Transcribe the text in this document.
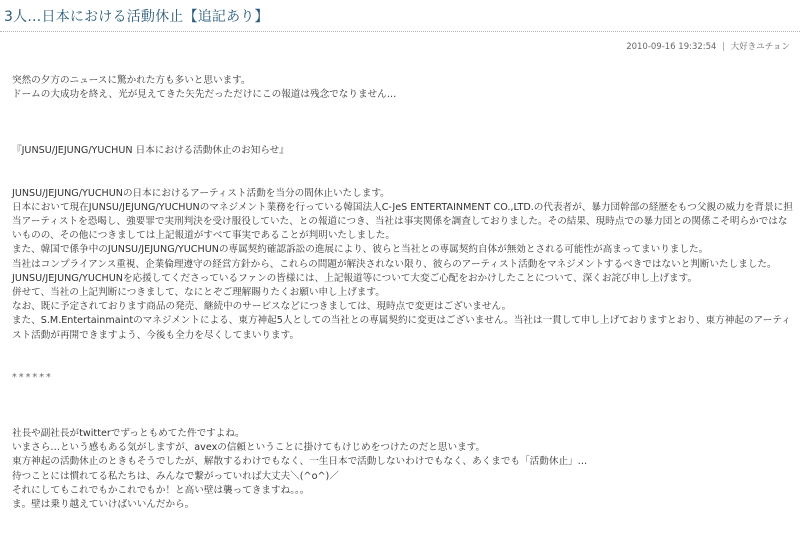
3人…日本における活動休止【追記あり】
2010-09-16 19:32:54 | 大好きユチョン

突然の夕方のニュースに驚かれた方も多いと思います。

ドームの大成功を終え、光が見えてきた矢先だっただけにこの報道は残念でなりません…

『JUNSU/JEJUNG/YUCHUN 日本における活動休止のお知らせ』

JUNSU/JEJUNG/YUCHUNの日本におけるアーティスト活動を当分の間休止いたします。

日本において現在JUNSU/JEJUNG/YUCHUNのマネジメント業務を行っている韓国法人C-JeS ENTERTAINMENT CO.,LTD.の代表者が、暴力団幹部の経歴をもつ父親の威力を背景に担当アーティストを恐喝し、強要罪で実刑判決を受け服役していた、との報道につき、当社は事実関係を調査しておりました。その結果、現時点での暴力団との関係こそ明らかではないものの、その他につきましては上記報道がすべて事実であることが判明いたしました。

また、韓国で係争中のJUNSU/JEJUNG/YUCHUNの専属契約確認訴訟の進展により、彼らと当社との専属契約自体が無効とされる可能性が高まってまいりました。

当社はコンプライアンス重視、企業倫理遵守の経営方針から、これらの問題が解決されない限り、彼らのアーティスト活動をマネジメントするべきではないと判断いたしました。

JUNSU/JEJUNG/YUCHUNを応援してくださっているファンの皆様には、上記報道等について大変ご心配をおかけしたことについて、深くお詫び申し上げます。

併せて、当社の上記判断につきまして、なにとぞご理解賜りたくお願い申し上げます。

なお、既に予定されております商品の発売、継続中のサービスなどにつきましては、現時点で変更はございません。

また、S.M.Entertainmaintのマネジメントによる、東方神起5人としての当社との専属契約に変更はございません。当社は一貫して申し上げておりますとおり、東方神起のアーティスト活動が再開できますよう、今後も全力を尽くしてまいります。

******

社長や副社長がtwitterでずっともめてた件ですよね。

いまさら…という感もある気がしますが、avexの信頼ということに掛けてもけじめをつけたのだと思います。

東方神起の活動休止のときもそうでしたが、解散するわけでもなく、一生日本で活動しないわけでもなく、あくまでも「活動休止」…

待つことには慣れてる私たちは、みんなで繋がっていれば大丈夫＼(^o^)／

それにしてもこれでもかこれでもか！と高い壁は襲ってきますね。。。

ま。壁は乗り越えていけばいいんだから。
